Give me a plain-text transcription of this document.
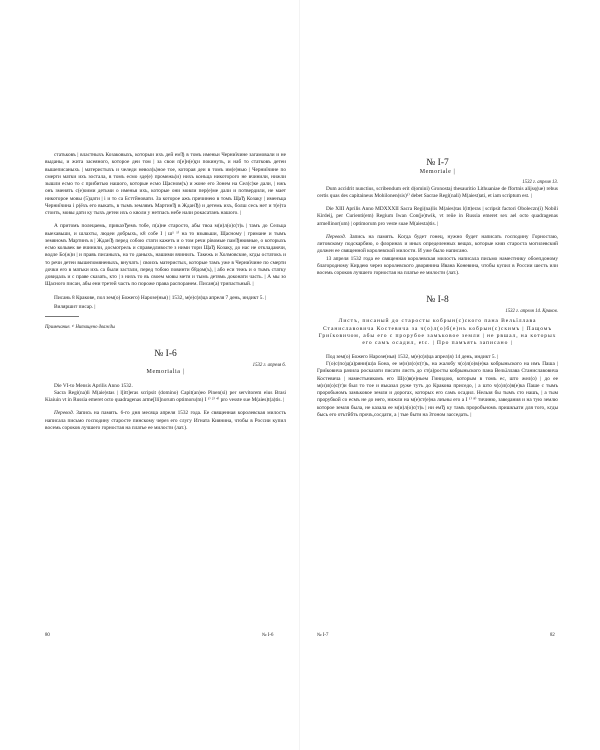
статьковъ | властныхъ Козаковыхъ, которыи ихъ дей емЂ в томъ именьи Черниїчине загамовали и не выданы, и жита засеяного, которое деи том | за свои п[е]н(е)ҁи покинуть, и наб то статковъ детеи вышеписаныхъ | материстыхъ и челеди невол(ь)ное тое, которая деи в томъ им(е)нью | Черниїчине по смерти матки ихъ зостала, в томъ есмо ѕде(е) промежь(и) нихъ конъца никоторого не вчинили, нижли зышли есмо то с прибитью нашого, которые есмо Щасном(ъ) и жоне его Зонем на Сел(с)ке дали, | нжъ онъ зменять с(е)оими детьми о именья ихъ, которые они мовли пер(е)ме дали и потвердили, не мает никоторое мовы (5)дати | і и то са Бсттйновати. За которое ажъ причинею в томъ ЩаЂ Козаку | именъца Черниїчина і р(ёхъ его выкать, в тымъ землямъ МартинЂ в ЖданЂ) и детемь ихъ, болш сесь нет и т(е)та стоить, мовы дати ку тыхъ детеи ихъ о кволи у нетпасъ небе нали рокасатанъ нашого. |

А притомъ полецаемь, прикаэЂемъ тобе, п(а)не старосто, абы твоа м(и)л(о)с(т)ь | тамъ до Сельца выехавьши, и шлахты, людеи добрыхъ, к8 собе I | ш¹ ¹⁾ на то взывьши, Щасному | гримане и тымъ земяномъ Мартинъ в | ЖданЂ перед собою стати кажеть и о том речи рiвомые памЂнювные, о которыхъ есмо кольвек ве вчинили, досмотрель и справедливосте з ними тори ЩаЂ Козаку, до нас не откладаючи, водле Бо(ж)и | и правъ писаныхъ, на то даныхъ, нашими вчинилъ. Такежь и Холмовские, кгды остатокъ и то речи детеи вышепомяненыхъ, внучатъ | своихъ материстых, которые тамъ уже в Черниїчине по смерти дочки его в матьки ихъ са были застали, перед тобою повинти б8дом(ъ), | або еси тежъ и о тымъ статку довидаль и с праве сказать, кто | з нихъ то въ своем мовы мети и тымъ детямь доконати часть. | А мы зо Щасного писан, абы ени третей часть по пороже права распоранем. Писан(а) трипастьный. |

Писань 8 Кракове, пол зем(о) Божего) Нарозе(нья) | 1532, м(е)с(я)ца апреля 7 день, индикт 5. |

Виляршит писар. |

Примечание. ¹⁾ Нитащено дважды

№ I-6
1532 г. апреля 6.
Memorialia |

Die VI-to Mensis Aprilis Anno 1532.

Sacra Regi(na)li M(aie)stas | l[itt]eras scripsit (domino) Capit(an)eo Pinen(si) per servitorem eius Brasi Kiaiuin vt in Russia emeret octo quadragenas arme[lli]norum optimoru(m) I ¹⁾ ²⁾ ⁴⁾ pro vesste sue M(aies)t(a)tis. |

Перевод. Запись на память. 6-го дня месяца апреля 1532 года. Ее священная королевская милость написала письмо господину старосте пинскому через его слугу Игната Киянина, чтобы в России купил восемь сороков лучшего горностая на платье ее милости (лат.).

80	№ I-6
№ I-7
Memoriale |
1532 г. апреля 13.

Dum accidrit nunctius, scribendum erit d(omini) Gronostaj thesauritio Lithuaniae de ffortnis alijsq(ue) rebus certis quas des capitaineus Mohilonen(sis)¹⁾ debet Sacrae Regi(nali) M(aiest)ati, et iam scriptum est. |

Die XIII Aprilis Anno MDXXXII Sacra Regi(na)lis M(aies)tas l(itt)eras | scripsit factori Oboleczn(i) Nobili Kirdeij, per Curienti(em) Regium Iwan Con(je)twik, vt reiie in Russia emeret sex ael octo quadragenas armellinor(um) | optimorum pro veste suae M(aiesta)tis. |

Перевод. Запись на память. Когда будет гонец, нужно будет написать господину Горностаю, литовскому подскарбию, о флоринах и иных определенных вещах, которые княз староста могилевский должен ее священной королевской милости. И уже было написано.

13 апреля 1532 года ее священная королевская милость написала письмо наместнику обоепдоному благородному Кирдею через королевского дворянина Ивана Коневина, чтобы купил в России шесть или восемь сороков лучшего горностая на платье ее милости (лат.).

№ I-8
1532 г. апреля 14. Краков.
Листъ, писаный до старосты кобрын(с)ского пана Вельїллава Станиславовича Костевича за ч(о)л(о)б(е)нъ кобрын(с)скимъ | Пащомъ Гриїковичом, абы его с прорубое замъковое земли | не рвшал, на которых его самъ осадил, etc. | Про памъять записано |

Под зем(о) Божего Нарозе(нья) 1532, м(е)с(я)ца апрел(я) 14 день, индикт 5. |

Г(о)с(по)д(а)ряни(ш)а Бона, ее м(и)л(о)с(т)ь, на жалобу ч(о)л(о)в(е)ка кобрыньского на имъ Паша | Гриїковича рачила росказати писати листъ до ст(а)росты кобрыньского пана Вельїллава Станиславовича Костевича | наместъникомъ его Ш(о)в(е)ньем Гинидою, которым в томъ ес, што жел(о) | до ее м(и)л(о)с(т)и был то тое и въказал руже тутъ до Кракова приседо, | а што ч(о)л(о)в(е)ка Паше с тымъ проробьномъ замъковое земли и дорогах, которых его самъ осадил. Нельзя бы тымъ сто нашъ, | а тым прорубкой со есмъ не до него, нижли на м(е)ст(е)на лиъны его а I ¹⁾ ⁸⁾ тичиню, заведания и на тую землю которое земля была, не казала ее м(и)л(о)с(т)ь | ни емЂ ку тамъ проробъномъ пришкъати для того, кгды бысь его отътйбть прочъ,сосдати, а | тые быти на Зтоном засседать. |

№ I-7	82
